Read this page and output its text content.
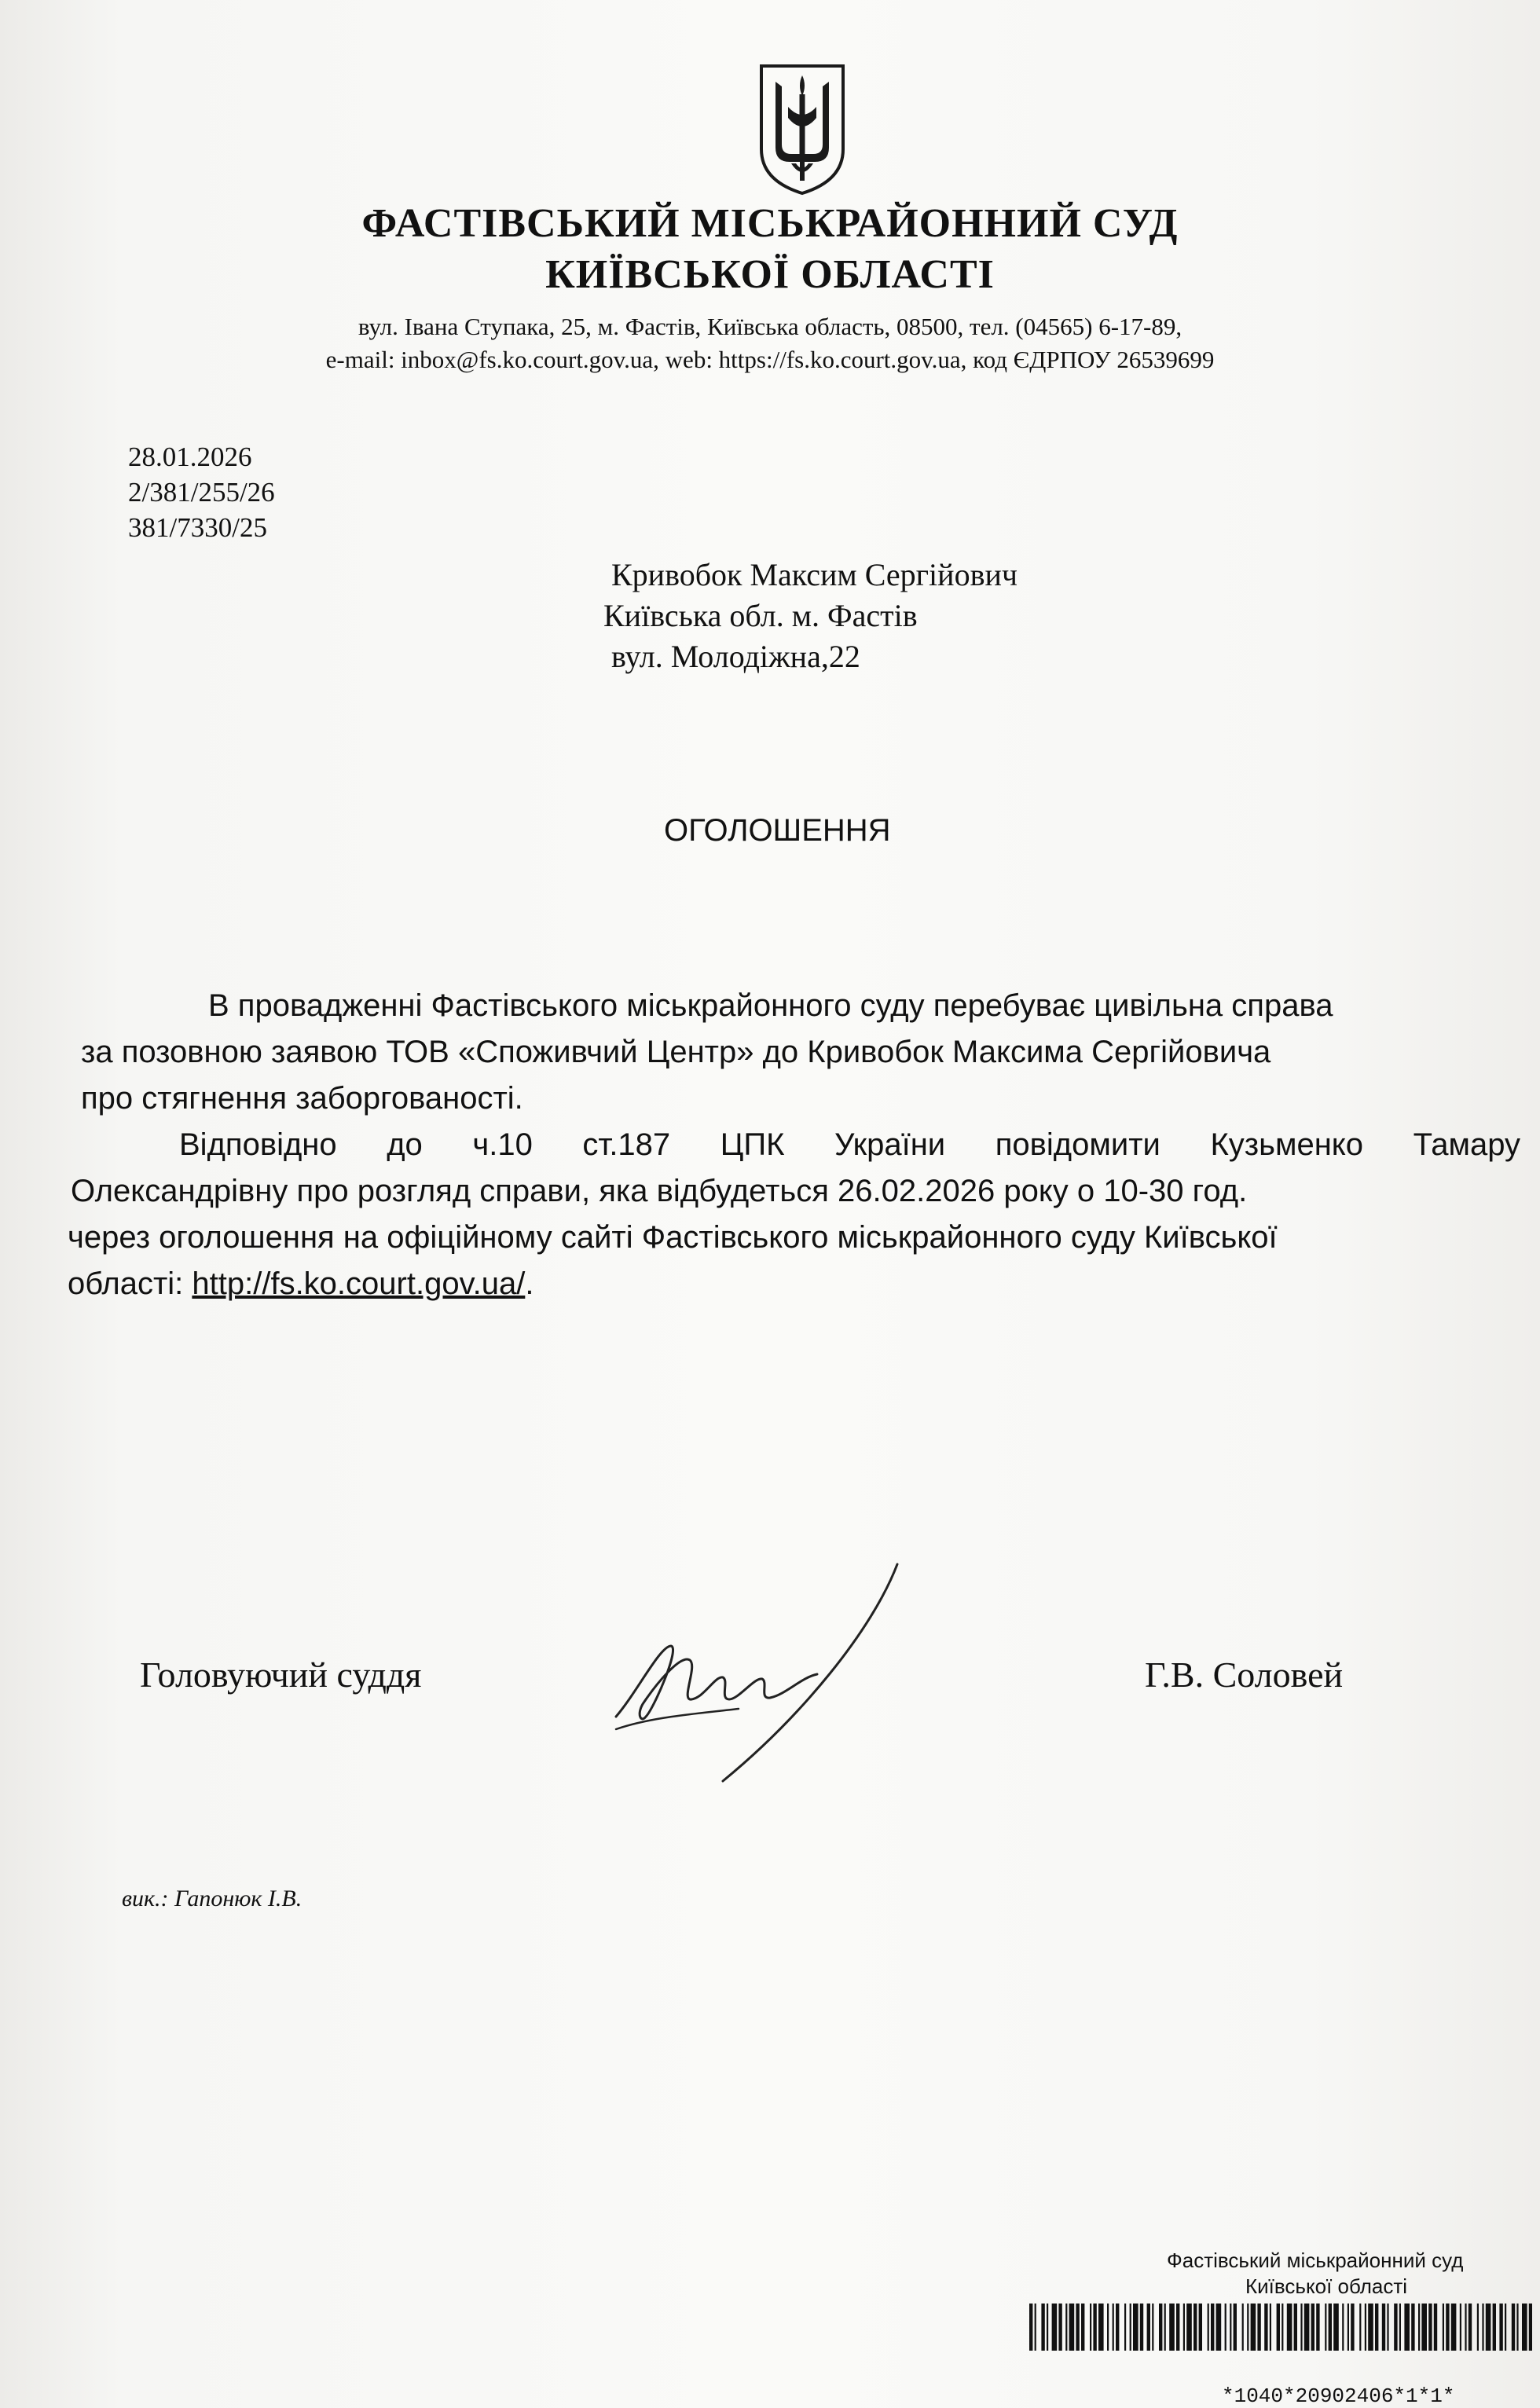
ФАСТІВСЬКИЙ МІСЬКРАЙОННИЙ СУД
КИЇВСЬКОЇ ОБЛАСТІ
вул. Івана Ступака, 25, м. Фастів, Київська область, 08500, тел. (04565) 6-17-89,
e-mail: inbox@fs.ko.court.gov.ua, web: https://fs.ko.court.gov.ua, код ЄДРПОУ 26539699
28.01.2026
2/381/255/26
381/7330/25
Кривобок Максим Сергійович
Київська обл. м. Фастів
вул. Молодіжна,22
ОГОЛОШЕННЯ
В провадженні Фастівського міськрайонного суду перебуває цивільна справа
за позовною заявою ТОВ «Споживчий Центр» до Кривобок Максима Сергійовича
про стягнення заборгованості.
Відповідно до ч.10 ст.187 ЦПК України повідомити Кузьменко Тамару
Олександрівну про розгляд справи, яка відбудеться 26.02.2026 року о 10-30 год.
через оголошення на офіційному сайті Фастівського міськрайонного суду Київської
області: http://fs.ko.court.gov.ua/.
Головуючий суддя	Г.В. Соловей
вик.: Гапонюк І.В.
Фастівський міськрайонний суд
Київської області
*1040*20902406*1*1*
